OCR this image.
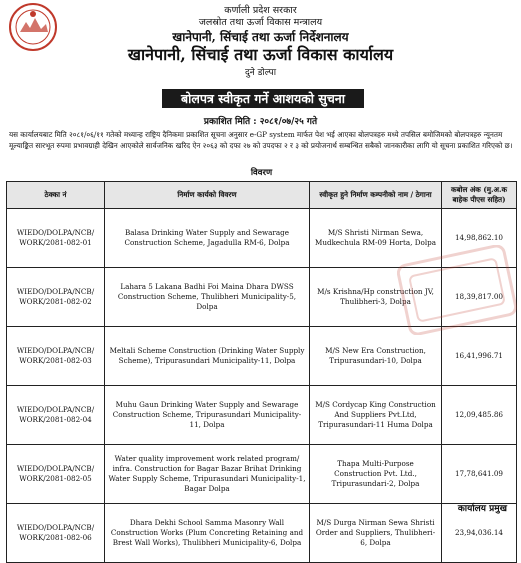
कर्णाली प्रदेश सरकार
जलस्रोत तथा ऊर्जा विकास मन्त्रालय
खानेपानी, सिंचाई तथा ऊर्जा निर्देशनालय
खानेपानी, सिंचाई तथा ऊर्जा विकास कार्यालय
दुने डोल्पा
बोलपत्र स्वीकृत गर्ने आशयको सुचना
प्रकाशित मिति : २०८१/०७/२५ गते
यस कार्यालयबाट मिति २०८१/०६/११ गतेको मध्यान्ह राष्ट्रिय दैनिकमा प्रकाशित सूचना अनुसार e-GP system मार्फत पेश भई आएका बोलपत्रहरु मध्ये तपसिल बमोजिमको बोलपत्रहरु न्यूनतम मूल्याङ्कित सारभूत रुपमा प्रभावग्राही देखिन आएकोले सार्वजनिक खरिद ऐन २०६३ को दफा २७ को उपदफा २ र ३ को प्रयोजनार्थ सम्बन्धित सबैको जानकारीका लागि यो सूचना प्रकाशित गरिएको छ।
विवरण
ठेक्का नं	निर्माण कार्यको विवरण	स्वीकृत हुने निर्माण कम्पनीको नाम / ठेगाना	कबोल अंक (मु.अ.क बाहेक पीएस सहित)
WIEDO/DOLPA/NCB/ WORK/2081-082-01	Balasa Drinking Water Supply and Sewarage Construction Scheme, Jagadulla RM-6, Dolpa	M/S Shristi Nirman Sewa, Mudkechula RM-09 Horta, Dolpa	14,98,862.10
WIEDO/DOLPA/NCB/ WORK/2081-082-02	Lahara 5 Lakana Badhi Foi Maina Dhara DWSS Construction Scheme, Thulibheri Municipality-5, Dolpa	M/s Krishna/Hp construction JV, Thulibheri-3, Dolpa	18,39,817.00
WIEDO/DOLPA/NCB/ WORK/2081-082-03	Meltali Scheme Construction (Drinking Water Supply Scheme), Tripurasundari Municipality-11, Dolpa	M/S New Era Construction, Tripurasundari-10, Dolpa	16,41,996.71
WIEDO/DOLPA/NCB/ WORK/2081-082-04	Muhu Gaun Drinking Water Supply and Sewarage Construction Scheme, Tripurasundari Municipality-11, Dolpa	M/S Cordycap King Construction And Suppliers Pvt.Ltd, Tripurasundari-11 Huma Dolpa	12,09,485.86
WIEDO/DOLPA/NCB/ WORK/2081-082-05	Water quality improvement work related program/ infra. Construction for Bagar Bazar Brihat Drinking Water Supply Scheme, Tripurasundari Municipality-1, Bagar Dolpa	Thapa Multi-Purpose Construction Pvt. Ltd., Tripurasundari-2, Dolpa	17,78,641.09
WIEDO/DOLPA/NCB/ WORK/2081-082-06	Dhara Dekhi School Samma Masonry Wall Construction Works (Plum Concreting Retaining and Brest Wall Works), Thulibheri Municipality-6, Dolpa	M/S Durga Nirman Sewa Shristi Order and Suppliers, Thulibheri-6, Dolpa	23,94,036.14
कार्यालय प्रमुख
